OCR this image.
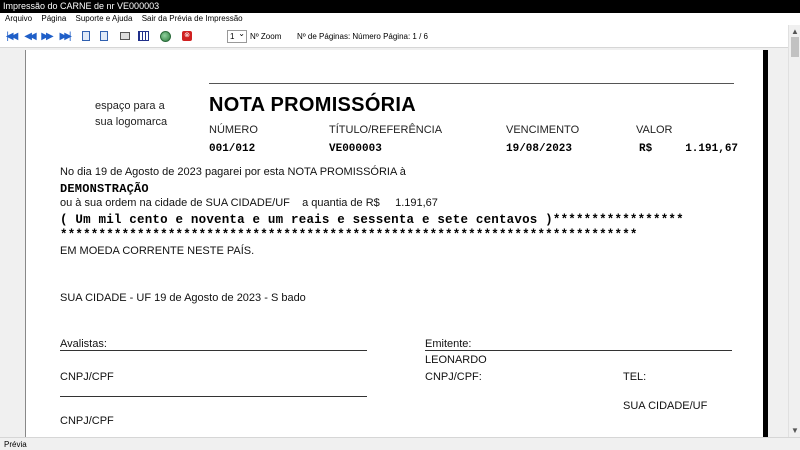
Impressão do CARNE de nr VE000003
Arquivo Página Suporte e Ajuda Sair da Prévia de Impressão
|◀◀ ◀◀ ▶▶ ▶▶|	⊗	1 ⌄	Nº Zoom Nº de Páginas: Número Página: 1 / 6
espaço para a
sua logomarca
NOTA PROMISSÓRIA
NÚMERO	TÍTULO/REFERÊNCIA	VENCIMENTO	VALOR
001/012	VE000003	19/08/2023	R$     1.191,67
No dia 19 de Agosto de 2023 pagarei por esta NOTA PROMISSÓRIA à
DEMONSTRAÇÃO
ou à sua ordem na cidade de SUA CIDADE/UF    a quantia de R$     1.191,67
( Um mil cento e noventa e um reais e sessenta e sete centavos )*****************
***************************************************************************
EM MOEDA CORRENTE NESTE PAÍS.
SUA CIDADE - UF 19 de Agosto de 2023 - S bado
Avalistas:	Emitente:
LEONARDO
CNPJ/CPF	CNPJ/CPF:	TEL:
SUA CIDADE/UF
CNPJ/CPF
▲
▼
Prévia
